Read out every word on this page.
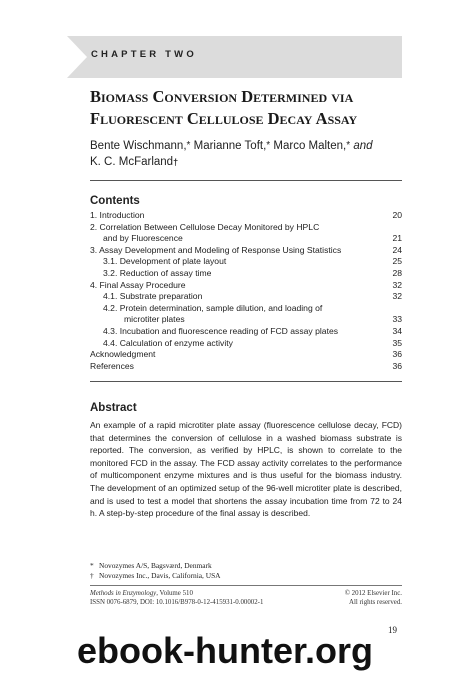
CHAPTER TWO
Biomass Conversion Determined via Fluorescent Cellulose Decay Assay
Bente Wischmann,* Marianne Toft,* Marco Malten,* and
K. C. McFarland†
Contents
1. Introduction	20
2. Correlation Between Cellulose Decay Monitored by HPLC
and by Fluorescence	21
3. Assay Development and Modeling of Response Using Statistics	24
3.1. Development of plate layout	25
3.2. Reduction of assay time	28
4. Final Assay Procedure	32
4.1. Substrate preparation	32
4.2. Protein determination, sample dilution, and loading of
microtiter plates	33
4.3. Incubation and fluorescence reading of FCD assay plates	34
4.4. Calculation of enzyme activity	35
Acknowledgment	36
References	36
Abstract
An example of a rapid microtiter plate assay (fluorescence cellulose decay, FCD) that determines the conversion of cellulose in a washed biomass substrate is reported. The conversion, as verified by HPLC, is shown to correlate to the monitored FCD in the assay. The FCD assay activity correlates to the performance of multicomponent enzyme mixtures and is thus useful for the biomass industry. The development of an optimized setup of the 96-well microtiter plate is described, and is used to test a model that shortens the assay incubation time from 72 to 24 h. A step-by-step procedure of the final assay is described.
* Novozymes A/S, Bagsværd, Denmark
† Novozymes Inc., Davis, California, USA
Methods in Enzymology, Volume 510	© 2012 Elsevier Inc.
ISSN 0076-6879, DOI: 10.1016/B978-0-12-415931-0.00002-1	All rights reserved.
19
ebook-hunter.org
